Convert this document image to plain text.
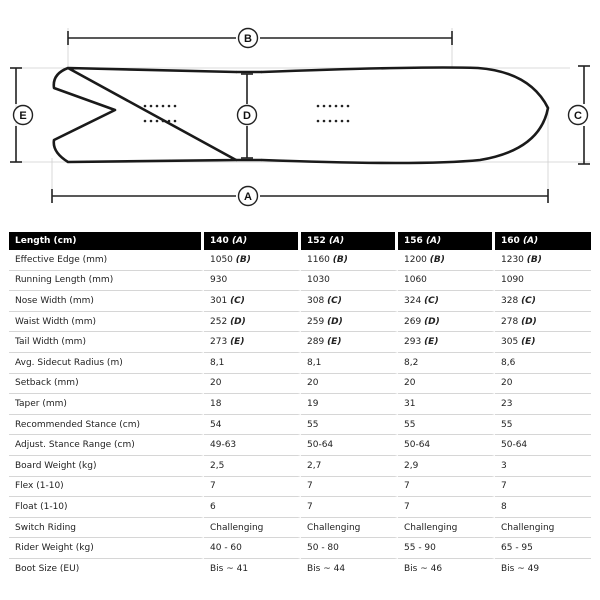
B
A
E	C
D
Length (cm)	140 (A)	152 (A)	156 (A)	160 (A)
Effective Edge (mm)	1050 (B)	1160 (B)	1200 (B)	1230 (B)
Running Length (mm)	930	1030	1060	1090
Nose Width (mm)	301 (C)	308 (C)	324 (C)	328 (C)
Waist Width (mm)	252 (D)	259 (D)	269 (D)	278 (D)
Tail Width (mm)	273 (E)	289 (E)	293 (E)	305 (E)
Avg. Sidecut Radius (m)	8,1	8,1	8,2	8,6
Setback (mm)	20	20	20	20
Taper (mm)	18	19	31	23
Recommended Stance (cm)	54	55	55	55
Adjust. Stance Range (cm)	49-63	50-64	50-64	50-64
Board Weight (kg)	2,5	2,7	2,9	3
Flex (1-10)	7	7	7	7
Float (1-10)	6	7	7	8
Switch Riding	Challenging	Challenging	Challenging	Challenging
Rider Weight (kg)	40 - 60	50 - 80	55 - 90	65 - 95
Boot Size (EU)	Bis ~ 41	Bis ~ 44	Bis ~ 46	Bis ~ 49
